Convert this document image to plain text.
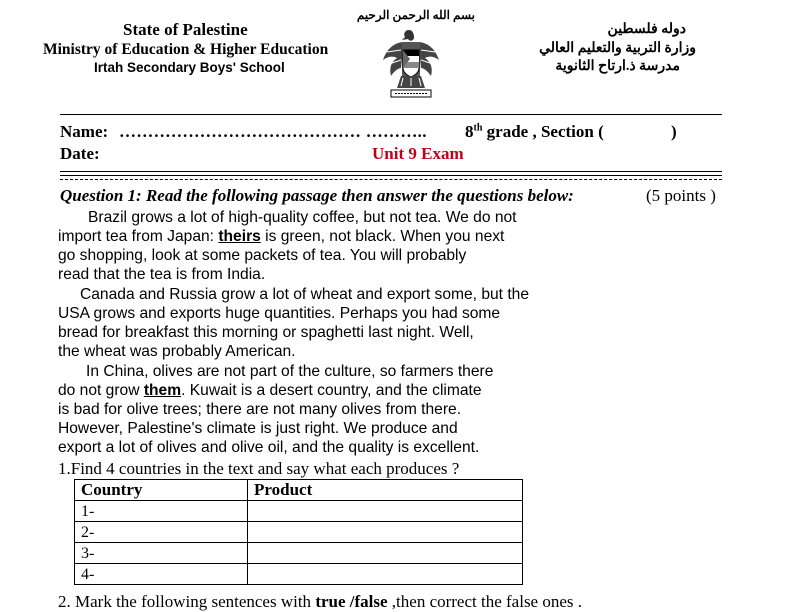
بسم الله الرحمن الرحيم
State of Palestine
Ministry of Education & Higher Education
Irtah Secondary Boys' School
دوله فلسطين
وزارة التربية والتعليم العالي
مدرسة ذ.ارتاح الثانوية
Name: …………………………………… ……….. 8th grade , Section (	)
Date:	Unit 9 Exam
Question 1: Read the following passage then answer the questions below:	(5 points )
Brazil grows a lot of high-quality coffee, but not tea. We do not
import tea from Japan: theirs is green, not black. When you next
go shopping, look at some packets of tea. You will probably
read that the tea is from India.
Canada and Russia grow a lot of wheat and export some, but the
USA grows and exports huge quantities. Perhaps you had some
bread for breakfast this morning or spaghetti last night. Well,
the wheat was probably American.
In China, olives are not part of the culture, so farmers there
do not grow them. Kuwait is a desert country, and the climate
is bad for olive trees; there are not many olives from there.
However, Palestine's climate is just right. We produce and
export a lot of olives and olive oil, and the quality is excellent.
1.Find 4 countries in the text and say what each produces ?
Country	Product
1-	
2-	
3-	
4-	
2. Mark the following sentences with true /false ,then correct the false ones .
